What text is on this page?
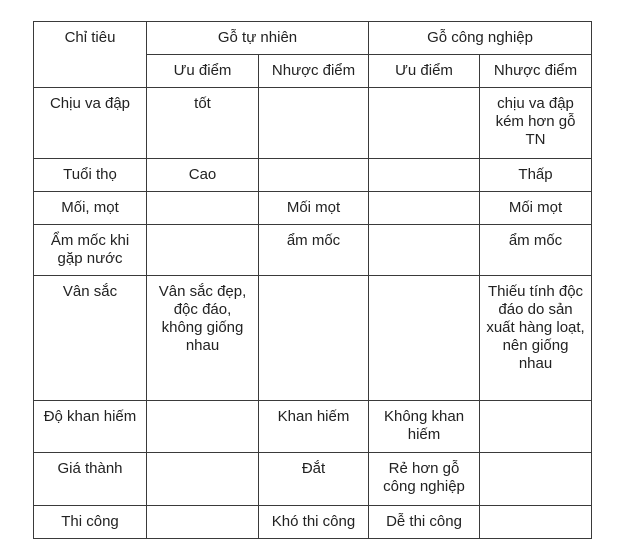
Chỉ tiêu	Gỗ tự nhiên		Gỗ công nghiệp	
	Ưu điểm	Nhược điểm	Ưu điểm	Nhược điểm
Chịu va đập	tốt			chịu va đập kém hơn gỗ TN
Tuổi thọ	Cao			Thấp
Mối, mọt		Mối mọt		Mối mọt
Ẩm mốc khi gặp nước		ẩm mốc		ẩm mốc
Vân sắc	Vân sắc đẹp, độc đáo, không giống nhau			Thiếu tính độc đáo do sản xuất hàng loạt, nên giống nhau
Độ khan hiếm		Khan hiếm	Không khan hiếm	
Giá thành		Đắt	Rẻ hơn gỗ công nghiệp	
Thi công		Khó thi công	Dễ thi công	
